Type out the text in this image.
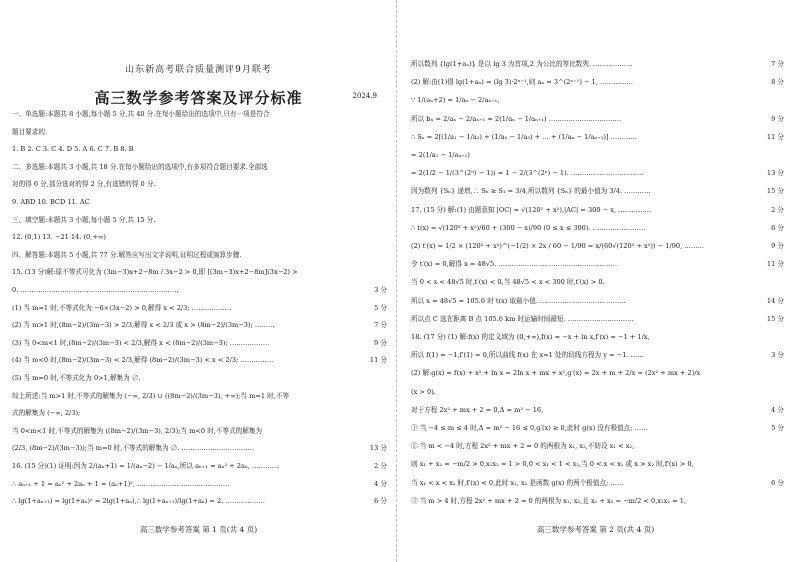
山东新高考联合质量测评9月联考
高三数学参考答案及评分标准	2024.9
一、单选题:本题共 8 小题,每小题 5 分,共 40 分.在每小题给出的选项中,只有一项是符合
题目要求的.
1. B 2. C 3. C 4. D 5. A 6. C 7. B 8. B
二、多选题:本题共 3 小题,共 18 分.在每小题给出的选项中,有多项符合题目要求.全部选
对的得 6 分,部分选对的得 2 分,有选错的得 0 分.
9. ABD 10. BCD 11. AC
三、填空题:本题共 3 小题,每小题 5 分,共 15 分.
12. (0,1) 13. −21 14. (0,+∞)
四、解答题:本题共 5 小题,共 77 分.解答应写出文字说明,证明过程或演算步骤.
15. (13 分)解:原不等式可化为 (3m−3)x+2−8m / 3x−2 > 0,即 [(3m−3)x+2−8m](3x−2) >
0. ………………………………………………………………	3 分
(1) 当 m=1 时,不等式化为 −6×(3x−2) > 0,解得 x < 2/3; ………………	5 分
(2) 当 m>1 时,(8m−2)/(3m−3) > 2/3,解得 x < 2/3 或 x > (8m−2)/(3m−3); ………	7 分
(3) 当 0<m<1 时,(8m−2)/(3m−3) < 2/3,解得 x < (8m−2)/(3m−3); ………………	9 分
(4) 当 m<0 时,(8m−2)/(3m−3) < 2/3,解得 (8m−2)/(3m−3) < x < 2/3; ……………	11 分
(5) 当 m=0 时,不等式化为 0>1,解集为 ∅.
综上所述:当 m>1 时,不等式的解集为 (−∞, 2/3) ∪ ((8m−2)/(3m−3), +∞);当 m=1 时,不等
式的解集为 (−∞, 2/3);
当 0<m<1 时,不等式的解集为 ((8m−2)/(3m−3), 2/3);当 m<0 时,不等式的解集为
(2/3, (8m−2)/(3m−3));当 m=0 时,不等式的解集为 ∅. ……………………………	13 分
16. (15 分)(1) 证明:因为 2/(aₙ+1) = 1/(aₙ−2) − 1/aₙ,所以 aₙ₊₁ = aₙ² + 2aₙ, …………	2 分
∴ aₙ₊₁ + 1 = aₙ² + 2aₙ + 1 = (aₙ+1)², ……………………………………	4 分
∴ lg(1+aₙ₊₁) = lg(1+aₙ)² = 2lg(1+aₙ),∴ lg(1+aₙ₊₁)/lg(1+aₙ) = 2. ………………	6 分
高三数学参考答案 第 1 页(共 4 页)
所以数列 {lg(1+aₙ)} 是以 lg 3 为首项,2 为公比的等比数列. ………………	7 分
(2) 解:由(1)得 lg(1+aₙ) = (lg 3)·2ⁿ⁻¹,则 aₙ = 3^(2ⁿ⁻¹) − 1, ……………	8 分
∵ 1/(aₙ+2) = 1/aₙ − 2/aₙ₊₁,
所以 bₙ = 2/aₙ − 2/aₙ₊₁ = 2(1/aₙ − 1/aₙ₊₁) ……………………………	9 分
∴ Sₙ = 2[(1/a₁ − 1/a₂) + (1/a₂ − 1/a₃) + … + (1/aₙ − 1/aₙ₊₁)] …………	11 分
= 2(1/a₁ − 1/aₙ₊₁)
= 2(1/2 − 1/(3^(2ⁿ) − 1)) = 1 − 2/(3^(2ⁿ) − 1). ……………………………	13 分
因为数列 {Sₙ} 递增,∴ Sₙ ≥ S₁ = 3/4,所以数列 {Sₙ} 的最小值为 3/4. …………	15 分
17. (15 分) 解:(1) 由题意知 |OC| = √(120² + x²),|AC| = 300 − x, ……………	2 分
∴ t(x) = √(120² + x²)/60 + (300 − x)/90 (0 ≤ x ≤ 300). ……………………	6 分
(2) t′(x) = 1/2 × (120² + x²)^(−1/2) × 2x / 60 − 1/90 = x/(60√(120² + x²)) − 1/90, ………	9 分
令 t′(x) = 0,解得 x = 48√5. ………………………………………………	11 分
当 0 < x < 48√5 时,t′(x) < 0,当 48√5 < x < 300 时,t′(x) > 0.
所以 x = 48√5 ≈ 105.6 时 t(x) 取最小值. …………………………………	14 分
所以点 C 选在距离 B 点 105.6 km 时运输时间最短. …………………………	15 分
18. (17 分) (1) 解:f(x) 的定义域为 (0,+∞),f(x) = −x + ln x,f′(x) = −1 + 1/x,
所以 f(1) = −1,f′(1) = 0,所以曲线 f(x) 在 x=1 处的切线方程为 y = −1. ……	3 分
(2) 解:g(x) = f(x) + x² + ln x = 2ln x + mx + x²,g′(x) = 2x + m + 2/x = (2x² + mx + 2)/x
(x > 0).
对于方程 2x² + mx + 2 = 0,Δ = m² − 16,	4 分
① 当 −4 ≤ m ≤ 4 时,Δ = m² − 16 ≤ 0,g′(x) ≥ 0,此时 g(x) 没有极值点; ……	5 分
② 当 m < −4 时,方程 2x² + mx + 2 = 0 的两根为 x₁, x₂,不妨设 x₁ < x₂,
则 x₁ + x₂ = −m/2 > 0,x₁x₂ = 1 > 0,0 < x₁ < 1 < x₂,当 0 < x < x₁ 或 x > x₂ 时,f′(x) > 0,
当 x₁ < x < x₂ 时,f′(x) < 0,此时 x₁, x₂ 是函数 g(x) 的两个极值点; ……	6 分
③ 当 m > 4 时,方程 2x² + mx + 2 = 0 的两根为 x₁, x₂,且 x₁ + x₂ = −m/2 < 0,x₁x₂ = 1,
高三数学参考答案 第 2 页(共 4 页)
